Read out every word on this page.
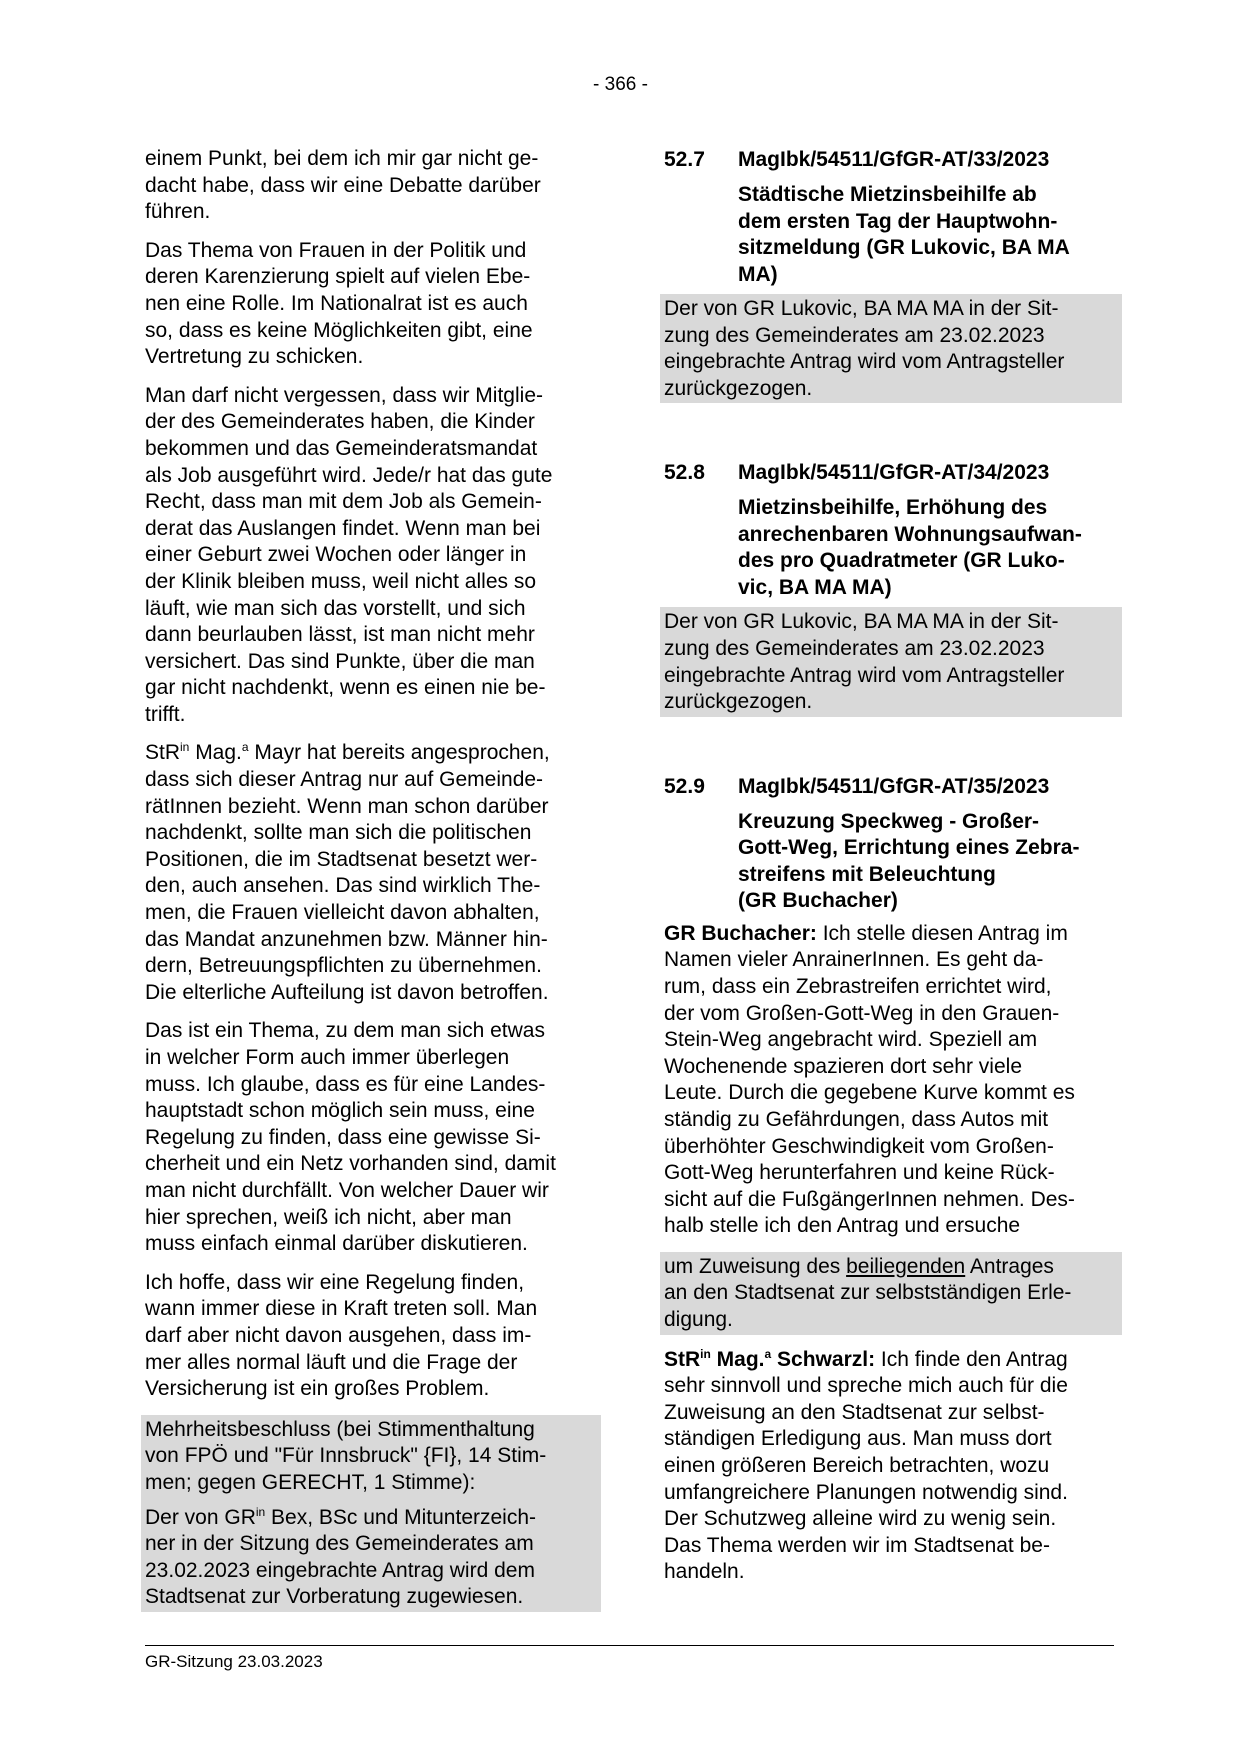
- 366 -

einem Punkt, bei dem ich mir gar nicht ge-
dacht habe, dass wir eine Debatte darüber
führen.

Das Thema von Frauen in der Politik und
deren Karenzierung spielt auf vielen Ebe-
nen eine Rolle. Im Nationalrat ist es auch
so, dass es keine Möglichkeiten gibt, eine
Vertretung zu schicken.

Man darf nicht vergessen, dass wir Mitglie-
der des Gemeinderates haben, die Kinder
bekommen und das Gemeinderatsmandat
als Job ausgeführt wird. Jede/r hat das gute
Recht, dass man mit dem Job als Gemein-
derat das Auslangen findet. Wenn man bei
einer Geburt zwei Wochen oder länger in
der Klinik bleiben muss, weil nicht alles so
läuft, wie man sich das vorstellt, und sich
dann beurlauben lässt, ist man nicht mehr
versichert. Das sind Punkte, über die man
gar nicht nachdenkt, wenn es einen nie be-
trifft.

StR$^{in}$ Mag.$^a$ Mayr hat bereits angesprochen,
dass sich dieser Antrag nur auf Gemeinde-
rätInnen bezieht. Wenn man schon darüber
nachdenkt, sollte man sich die politischen
Positionen, die im Stadtsenat besetzt wer-
den, auch ansehen. Das sind wirklich The-
men, die Frauen vielleicht davon abhalten,
das Mandat anzunehmen bzw. Männer hin-
dern, Betreuungspflichten zu übernehmen.
Die elterliche Aufteilung ist davon betroffen.

Das ist ein Thema, zu dem man sich etwas
in welcher Form auch immer überlegen
muss. Ich glaube, dass es für eine Landes-
hauptstadt schon möglich sein muss, eine
Regelung zu finden, dass eine gewisse Si-
cherheit und ein Netz vorhanden sind, damit
man nicht durchfällt. Von welcher Dauer wir
hier sprechen, weiß ich nicht, aber man
muss einfach einmal darüber diskutieren.

Ich hoffe, dass wir eine Regelung finden,
wann immer diese in Kraft treten soll. Man
darf aber nicht davon ausgehen, dass im-
mer alles normal läuft und die Frage der
Versicherung ist ein großes Problem.

Mehrheitsbeschluss (bei Stimmenthaltung
von FPÖ und "Für Innsbruck" {FI}, 14 Stim-
men; gegen GERECHT, 1 Stimme):

Der von $GR^{in}$ Bex, BSc und Mitunterzeich-
ner in der Sitzung des Gemeinderates am
23.02.2023 eingebrachte Antrag wird dem
Stadtsenat zur Vorberatung zugewiesen.

52.7	MagIbk/54511/GfGR-AT/33/2023
Städtische Mietzinsbeihilfe ab
dem ersten Tag der Hauptwohn-
sitzmeldung (GR Lukovic, BA MA
MA)

Der von GR Lukovic, BA MA MA in der Sit-
zung des Gemeinderates am 23.02.2023
eingebrachte Antrag wird vom Antragsteller
zurückgezogen.

52.8	MagIbk/54511/GfGR-AT/34/2023
Mietzinsbeihilfe, Erhöhung des
anrechenbaren Wohnungsaufwan-
des pro Quadratmeter (GR Luko-
vic, BA MA MA)

Der von GR Lukovic, BA MA MA in der Sit-
zung des Gemeinderates am 23.02.2023
eingebrachte Antrag wird vom Antragsteller
zurückgezogen.

52.9	MagIbk/54511/GfGR-AT/35/2023
Kreuzung Speckweg - Großer-
Gott-Weg, Errichtung eines Zebra-
streifens mit Beleuchtung
(GR Buchacher)

GR Buchacher: Ich stelle diesen Antrag im
Namen vieler AnrainerInnen. Es geht da-
rum, dass ein Zebrastreifen errichtet wird,
der vom Großen-Gott-Weg in den Grauen-
Stein-Weg angebracht wird. Speziell am
Wochenende spazieren dort sehr viele
Leute. Durch die gegebene Kurve kommt es
ständig zu Gefährdungen, dass Autos mit
überhöhter Geschwindigkeit vom Großen-
Gott-Weg herunterfahren und keine Rück-
sicht auf die FußgängerInnen nehmen. Des-
halb stelle ich den Antrag und ersuche

um Zuweisung des beiliegenden Antrages
an den Stadtsenat zur selbstständigen Erle-
digung.

StR$^{in}$ Mag.$^a$ Schwarzl: Ich finde den Antrag
sehr sinnvoll und spreche mich auch für die
Zuweisung an den Stadtsenat zur selbst-
ständigen Erledigung aus. Man muss dort
einen größeren Bereich betrachten, wozu
umfangreichere Planungen notwendig sind.
Der Schutzweg alleine wird zu wenig sein.
Das Thema werden wir im Stadtsenat be-
handeln.

GR-Sitzung 23.03.2023
